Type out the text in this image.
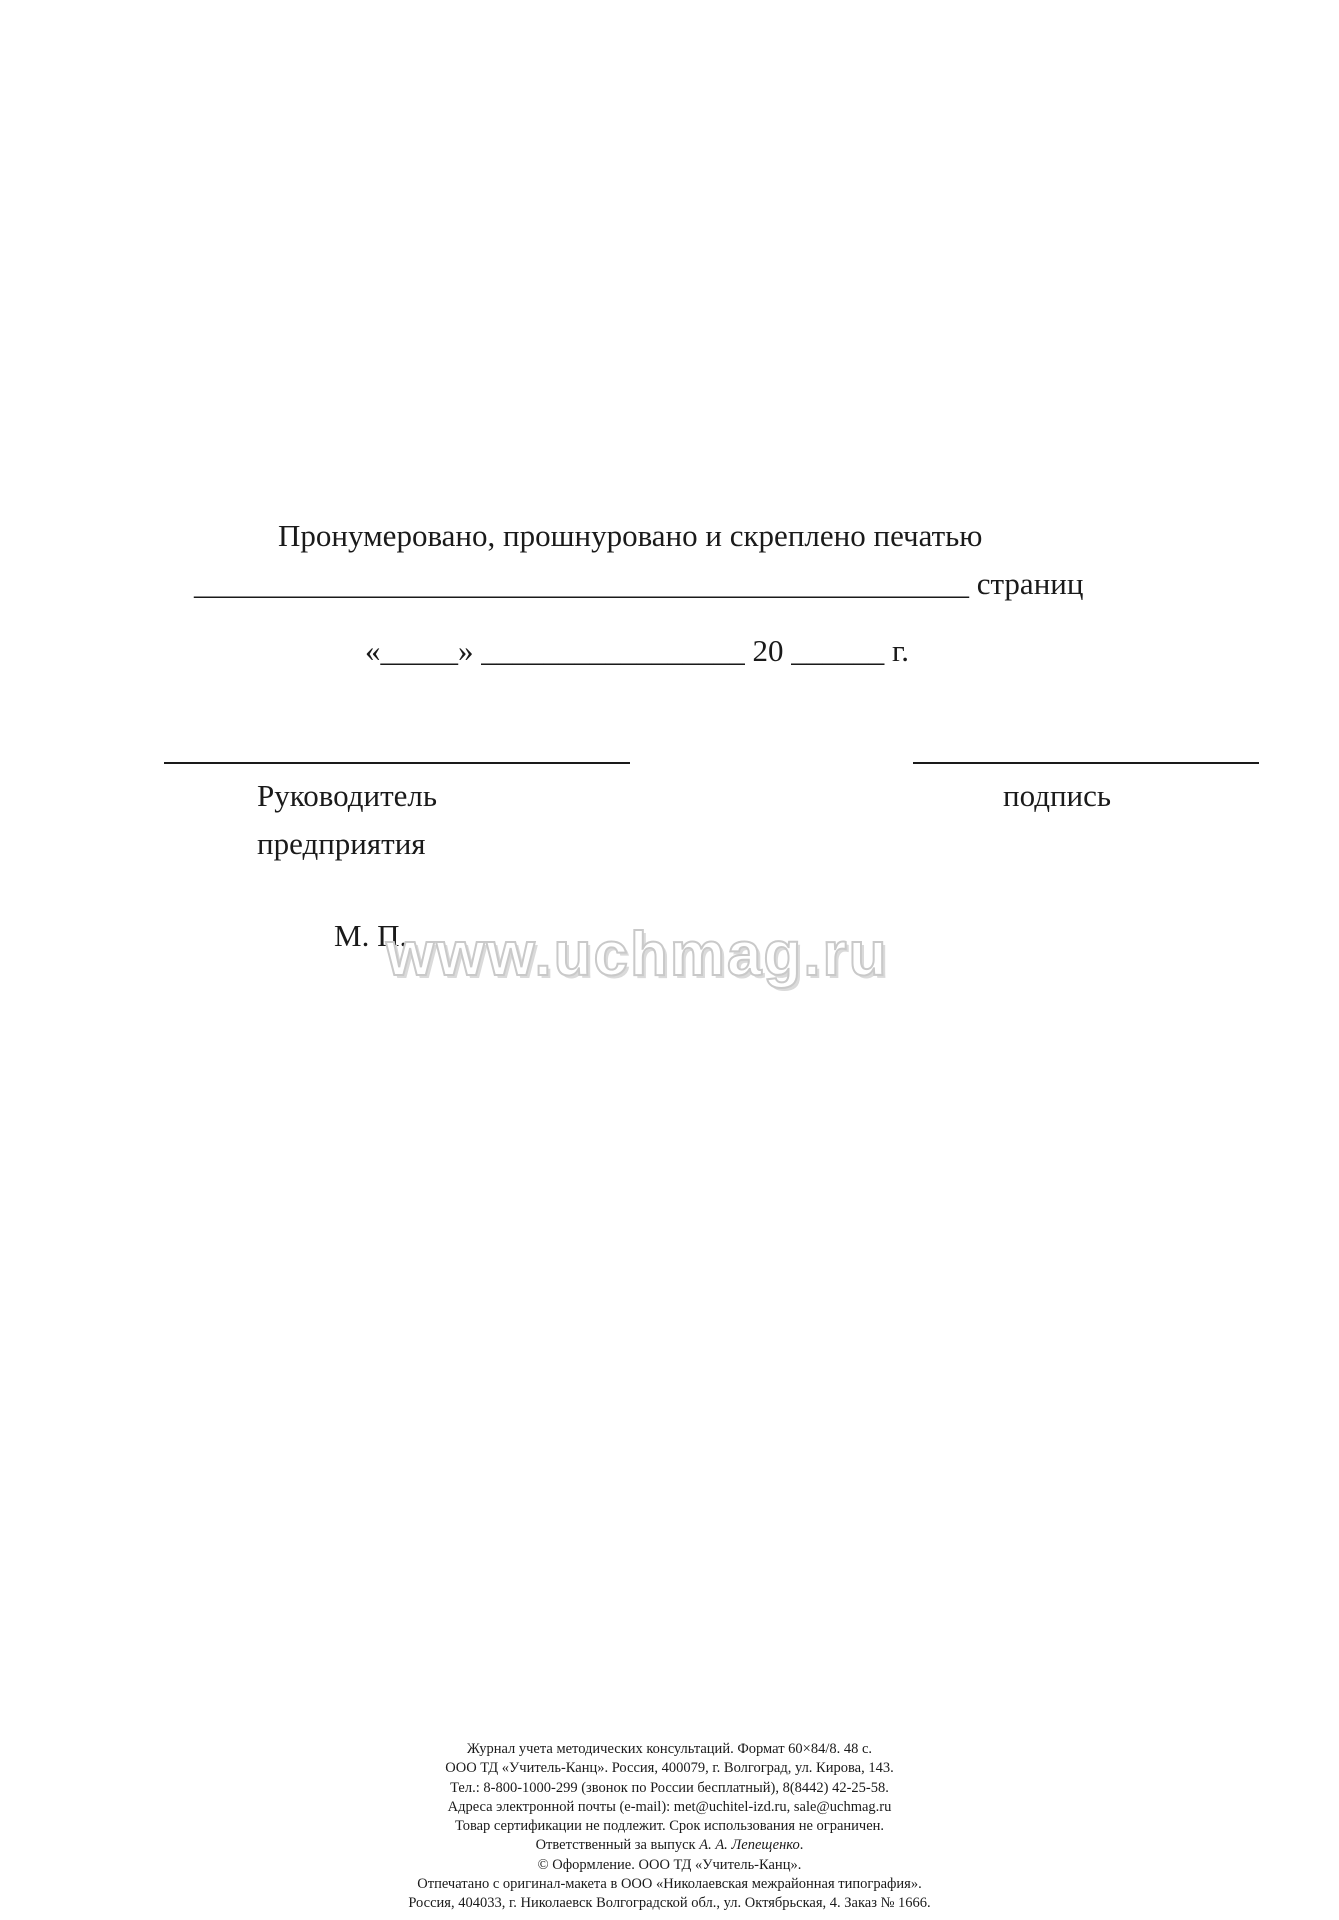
Пронумеровано, прошнуровано и скреплено печатью
__________________________________________________ страниц
«_____» _________________ 20 ______ г.
Руководитель
предприятия
подпись
М. П.
www.uchmag.ru
Журнал учета методических консультаций. Формат 60×84/8. 48 с.
ООО ТД «Учитель-Канц». Россия, 400079, г. Волгоград, ул. Кирова, 143.
Тел.: 8-800-1000-299 (звонок по России бесплатный), 8(8442) 42-25-58.
Адреса электронной почты (e-mail): met@uchitel-izd.ru, sale@uchmag.ru
Товар сертификации не подлежит. Срок использования не ограничен.
Ответственный за выпуск А. А. Лепещенко.
© Оформление. ООО ТД «Учитель-Канц».
Отпечатано с оригинал-макета в ООО «Николаевская межрайонная типография».
Россия, 404033, г. Николаевск Волгоградской обл., ул. Октябрьская, 4. Заказ № 1666.
